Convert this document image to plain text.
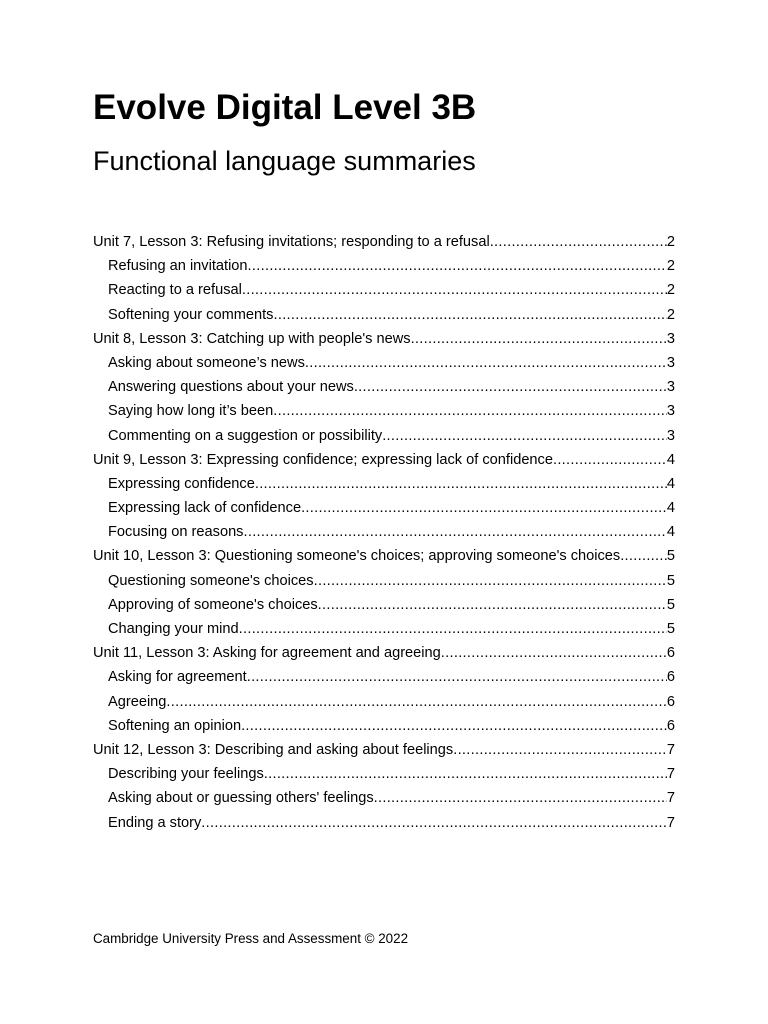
Evolve Digital Level 3B
Functional language summaries
Unit 7, Lesson 3: Refusing invitations; responding to a refusal .....	2
Refusing an invitation .....	2
Reacting to a refusal .....	2
Softening your comments .....	2
Unit 8, Lesson 3: Catching up with people's news .....	3
Asking about someone’s news .....	3
Answering questions about your news .....	3
Saying how long it’s been .....	3
Commenting on a suggestion or possibility .....	3
Unit 9, Lesson 3: Expressing confidence; expressing lack of confidence .....	4
Expressing confidence .....	4
Expressing lack of confidence .....	4
Focusing on reasons .....	4
Unit 10, Lesson 3: Questioning someone's choices; approving someone's choices .....	5
Questioning someone's choices .....	5
Approving of someone's choices .....	5
Changing your mind .....	5
Unit 11, Lesson 3: Asking for agreement and agreeing .....	6
Asking for agreement .....	6
Agreeing .....	6
Softening an opinion .....	6
Unit 12, Lesson 3: Describing and asking about feelings .....	7
Describing your feelings .....	7
Asking about or guessing others' feelings .....	7
Ending a story .....	7

Cambridge University Press and Assessment © 2022
